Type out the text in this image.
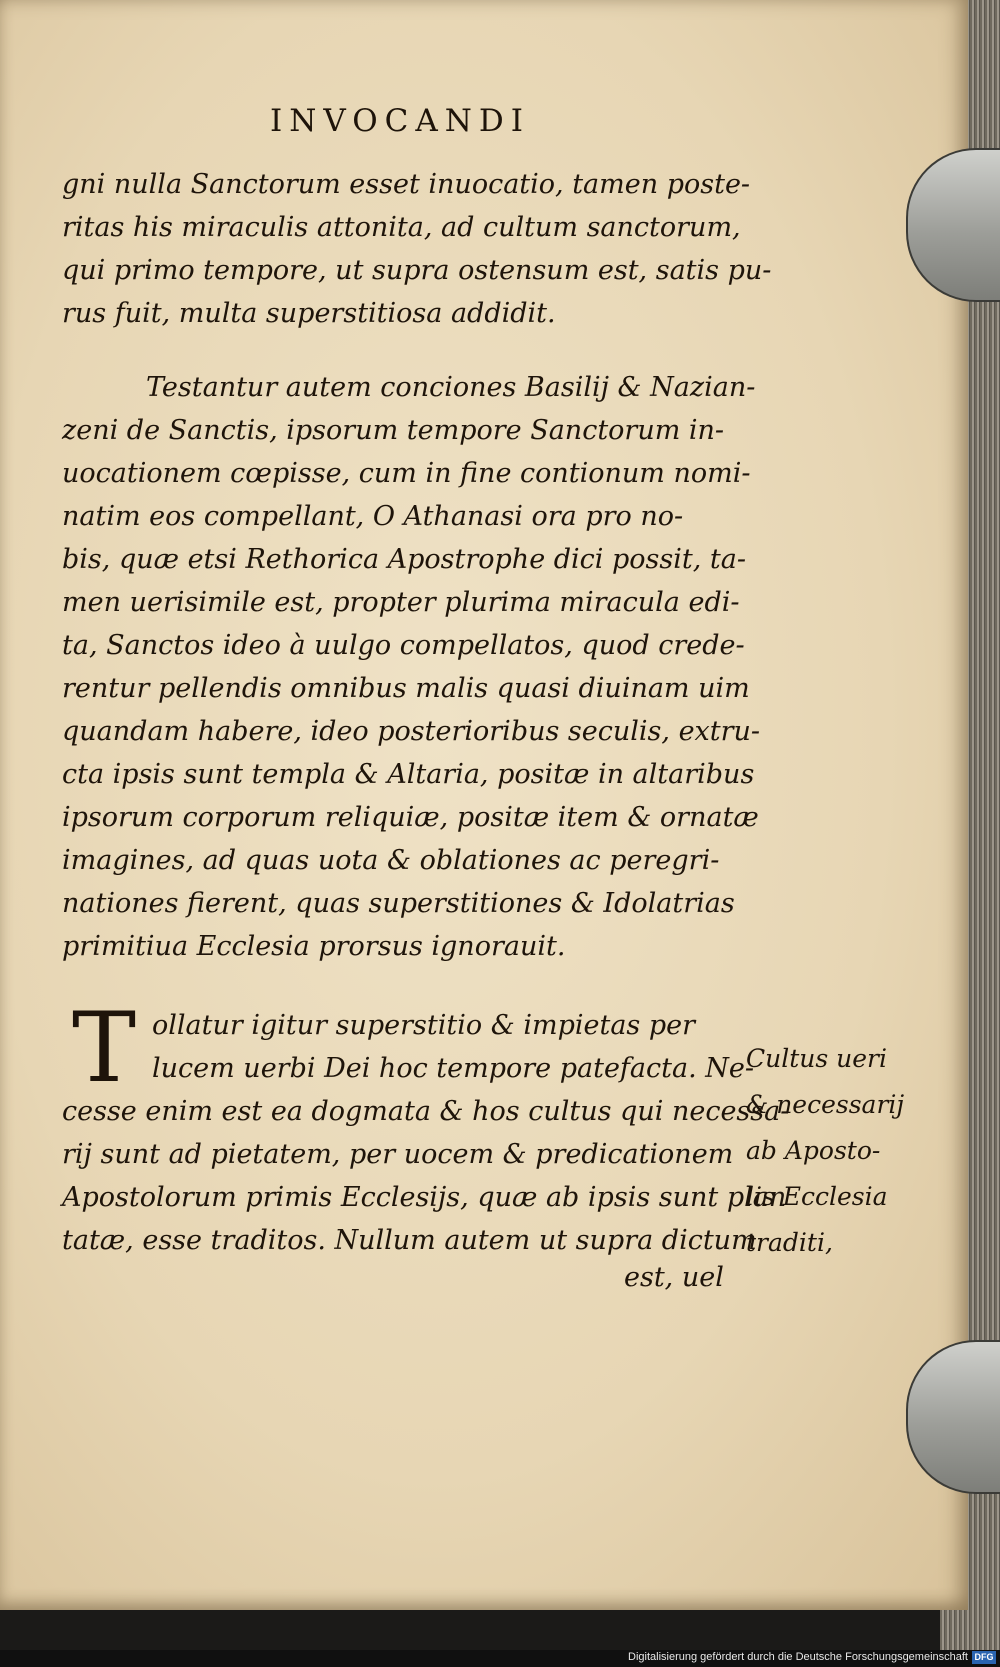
INVOCANDI
gni nulla Sanctorum esset inuocatio, tamen poste-
ritas his miraculis attonita, ad cultum sanctorum,
qui primo tempore, ut supra ostensum est, satis pu-
rus fuit, multa superstitiosa addidit.
Testantur autem conciones Basilij & Nazian-
zeni de Sanctis, ipsorum tempore Sanctorum in-
uocationem cœpisse, cum in fine contionum nomi-
natim eos compellant, O Athanasi ora pro no-
bis, quæ etsi Rethorica Apostrophe dici possit, ta-
men uerisimile est, propter plurima miracula edi-
ta, Sanctos ideo à uulgo compellatos, quod crede-
rentur pellendis omnibus malis quasi diuinam uim
quandam habere, ideo posterioribus seculis, extru-
cta ipsis sunt templa & Altaria, positæ in altaribus
ipsorum corporum reliquiæ, positæ item & ornatæ
imagines, ad quas uota & oblationes ac peregri-
nationes fierent, quas superstitiones & Idolatrias
primitiua Ecclesia prorsus ignorauit.
T ollatur igitur superstitio & impietas per
lucem uerbi Dei hoc tempore patefacta. Ne-
cesse enim est ea dogmata & hos cultus qui necessa-
rij sunt ad pietatem, per uocem & predicationem
Apostolorum primis Ecclesijs, quæ ab ipsis sunt plan
tatæ, esse traditos. Nullum autem ut supra dictum
est, uel
Cultus ueri
& necessarij
ab Aposto-
lis Ecclesia
traditi,
Digitalisierung gefördert durch die Deutsche Forschungsgemeinschaft DFG
